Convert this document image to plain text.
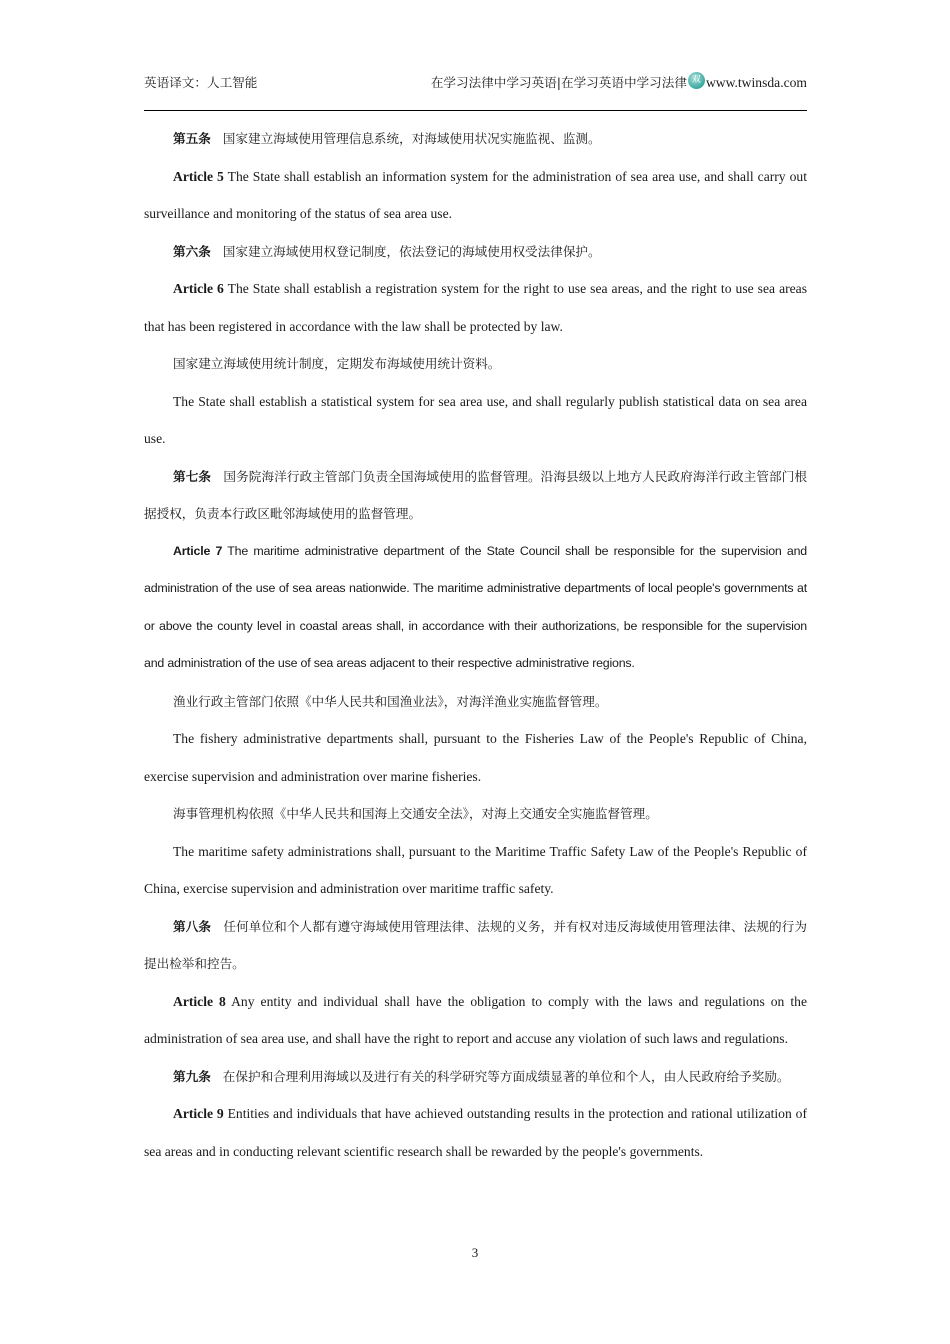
英语译文：人工智能	在学习法律中学习英语|在学习英语中学习法律 双 www.twinsda.com

第五条 国家建立海域使用管理信息系统，对海域使用状况实施监视、监测。

Article 5 The State shall establish an information system for the administration of sea area use, and shall carry out surveillance and monitoring of the status of sea area use.

第六条 国家建立海域使用权登记制度，依法登记的海域使用权受法律保护。

Article 6 The State shall establish a registration system for the right to use sea areas, and the right to use sea areas that has been registered in accordance with the law shall be protected by law.

国家建立海域使用统计制度，定期发布海域使用统计资料。

The State shall establish a statistical system for sea area use, and shall regularly publish statistical data on sea area use.

第七条 国务院海洋行政主管部门负责全国海域使用的监督管理。沿海县级以上地方人民政府海洋行政主管部门根据授权，负责本行政区毗邻海域使用的监督管理。

Article 7 The maritime administrative department of the State Council shall be responsible for the supervision and administration of the use of sea areas nationwide. The maritime administrative departments of local people's governments at or above the county level in coastal areas shall, in accordance with their authorizations, be responsible for the supervision and administration of the use of sea areas adjacent to their respective administrative regions.

渔业行政主管部门依照《中华人民共和国渔业法》，对海洋渔业实施监督管理。

The fishery administrative departments shall, pursuant to the Fisheries Law of the People's Republic of China, exercise supervision and administration over marine fisheries.

海事管理机构依照《中华人民共和国海上交通安全法》，对海上交通安全实施监督管理。

The maritime safety administrations shall, pursuant to the Maritime Traffic Safety Law of the People's Republic of China, exercise supervision and administration over maritime traffic safety.

第八条 任何单位和个人都有遵守海域使用管理法律、法规的义务，并有权对违反海域使用管理法律、法规的行为提出检举和控告。

Article 8 Any entity and individual shall have the obligation to comply with the laws and regulations on the administration of sea area use, and shall have the right to report and accuse any violation of such laws and regulations.

第九条 在保护和合理利用海域以及进行有关的科学研究等方面成绩显著的单位和个人，由人民政府给予奖励。

Article 9 Entities and individuals that have achieved outstanding results in the protection and rational utilization of sea areas and in conducting relevant scientific research shall be rewarded by the people's governments.

3
